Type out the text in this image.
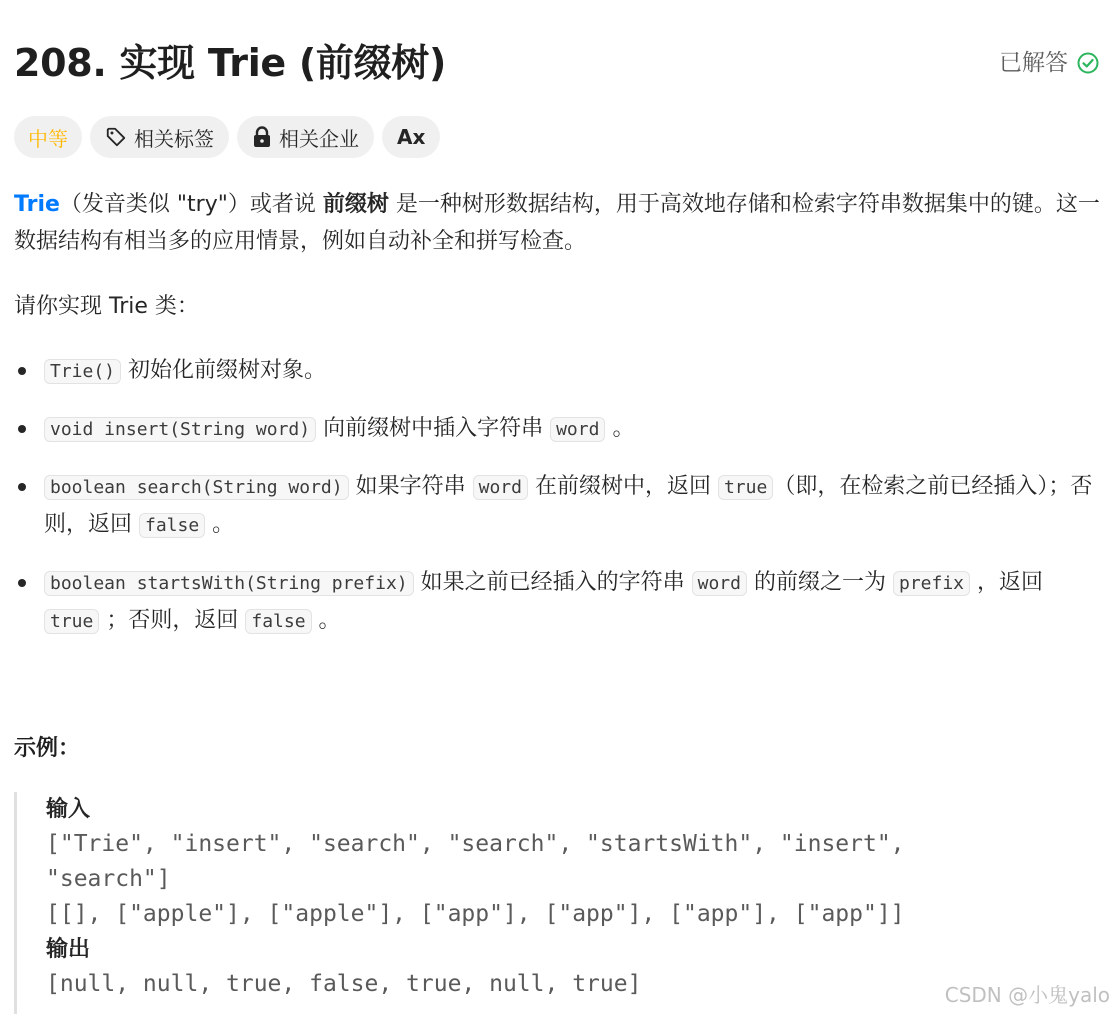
208. 实现 Trie (前缀树)	已解答
中等	相关标签	相关企业 Ax

Trie（发音类似 "try"）或者说 前缀树 是一种树形数据结构，用于高效地存储和检索字符串数据集中的键。这一数据结构有相当多的应用情景，例如自动补全和拼写检查。

请你实现 Trie 类：

Trie() 初始化前缀树对象。
void insert(String word) 向前缀树中插入字符串 word 。
boolean search(String word) 如果字符串 word 在前缀树中，返回 true （即，在检索之前已经插入）；否则，返回 false 。
boolean startsWith(String prefix) 如果之前已经插入的字符串 word 的前缀之一为 prefix ，返回 true ；否则，返回 false 。
示例：
输入
["Trie", "insert", "search", "search", "startsWith", "insert",
"search"]
[[], ["apple"], ["apple"], ["app"], ["app"], ["app"], ["app"]]
输出
[null, null, true, false, true, null, true]	CSDN @小鬼yalo
